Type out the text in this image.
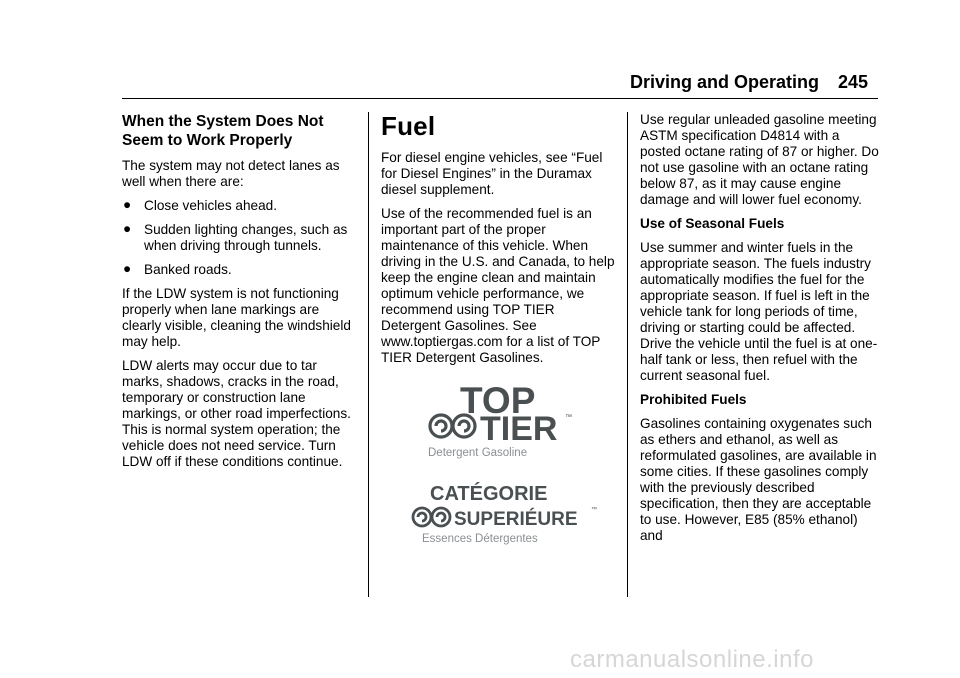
Driving and Operating 245
When the System Does Not Seem to Work Properly

The system may not detect lanes as well when there are:

● Close vehicles ahead.
● Sudden lighting changes, such as when driving through tunnels.
● Banked roads.

If the LDW system is not functioning properly when lane markings are clearly visible, cleaning the windshield may help.

LDW alerts may occur due to tar marks, shadows, cracks in the road, temporary or construction lane markings, or other road imperfections. This is normal system operation; the vehicle does not need service. Turn LDW off if these conditions continue.

Fuel

For diesel engine vehicles, see “Fuel for Diesel Engines” in the Duramax diesel supplement.

Use of the recommended fuel is an important part of the proper maintenance of this vehicle. When driving in the U.S. and Canada, to help keep the engine clean and maintain optimum vehicle performance, we recommend using TOP TIER Detergent Gasolines. See www.toptiergas.com for a list of TOP TIER Detergent Gasolines.

TOP
TIER ™
Detergent Gasoline
CATÉGORIE
SUPERIÉURE ™
Essences Détergentes

Use regular unleaded gasoline meeting ASTM specification D4814 with a posted octane rating of 87 or higher. Do not use gasoline with an octane rating below 87, as it may cause engine damage and will lower fuel economy.

Use of Seasonal Fuels

Use summer and winter fuels in the appropriate season. The fuels industry automatically modifies the fuel for the appropriate season. If fuel is left in the vehicle tank for long periods of time, driving or starting could be affected. Drive the vehicle until the fuel is at one-half tank or less, then refuel with the current seasonal fuel.

Prohibited Fuels

Gasolines containing oxygenates such as ethers and ethanol, as well as reformulated gasolines, are available in some cities. If these gasolines comply with the previously described specification, then they are acceptable to use. However, E85 (85% ethanol) and

carmanualsonline.info
